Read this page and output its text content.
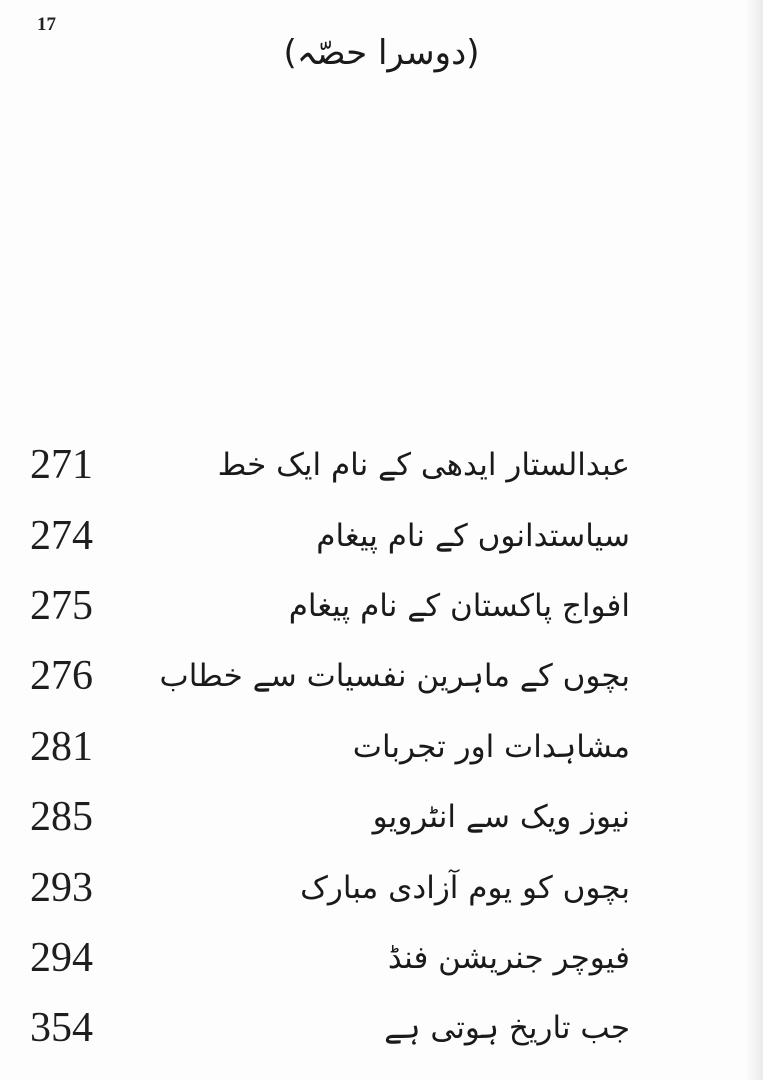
17
(دوسرا حصّہ)
271	عبدالستار ایدھی کے نام ایک خط
274	سیاستدانوں کے نام پیغام
275	افواج پاکستان کے نام پیغام
276	بچوں کے ماہرین نفسیات سے خطاب
281	مشاہدات اور تجربات
285	نیوز ویک سے انٹرویو
293	بچوں کو یوم آزادی مبارک
294	فیوچر جنریشن فنڈ
354	جب تاریخ ہوتی ہے
